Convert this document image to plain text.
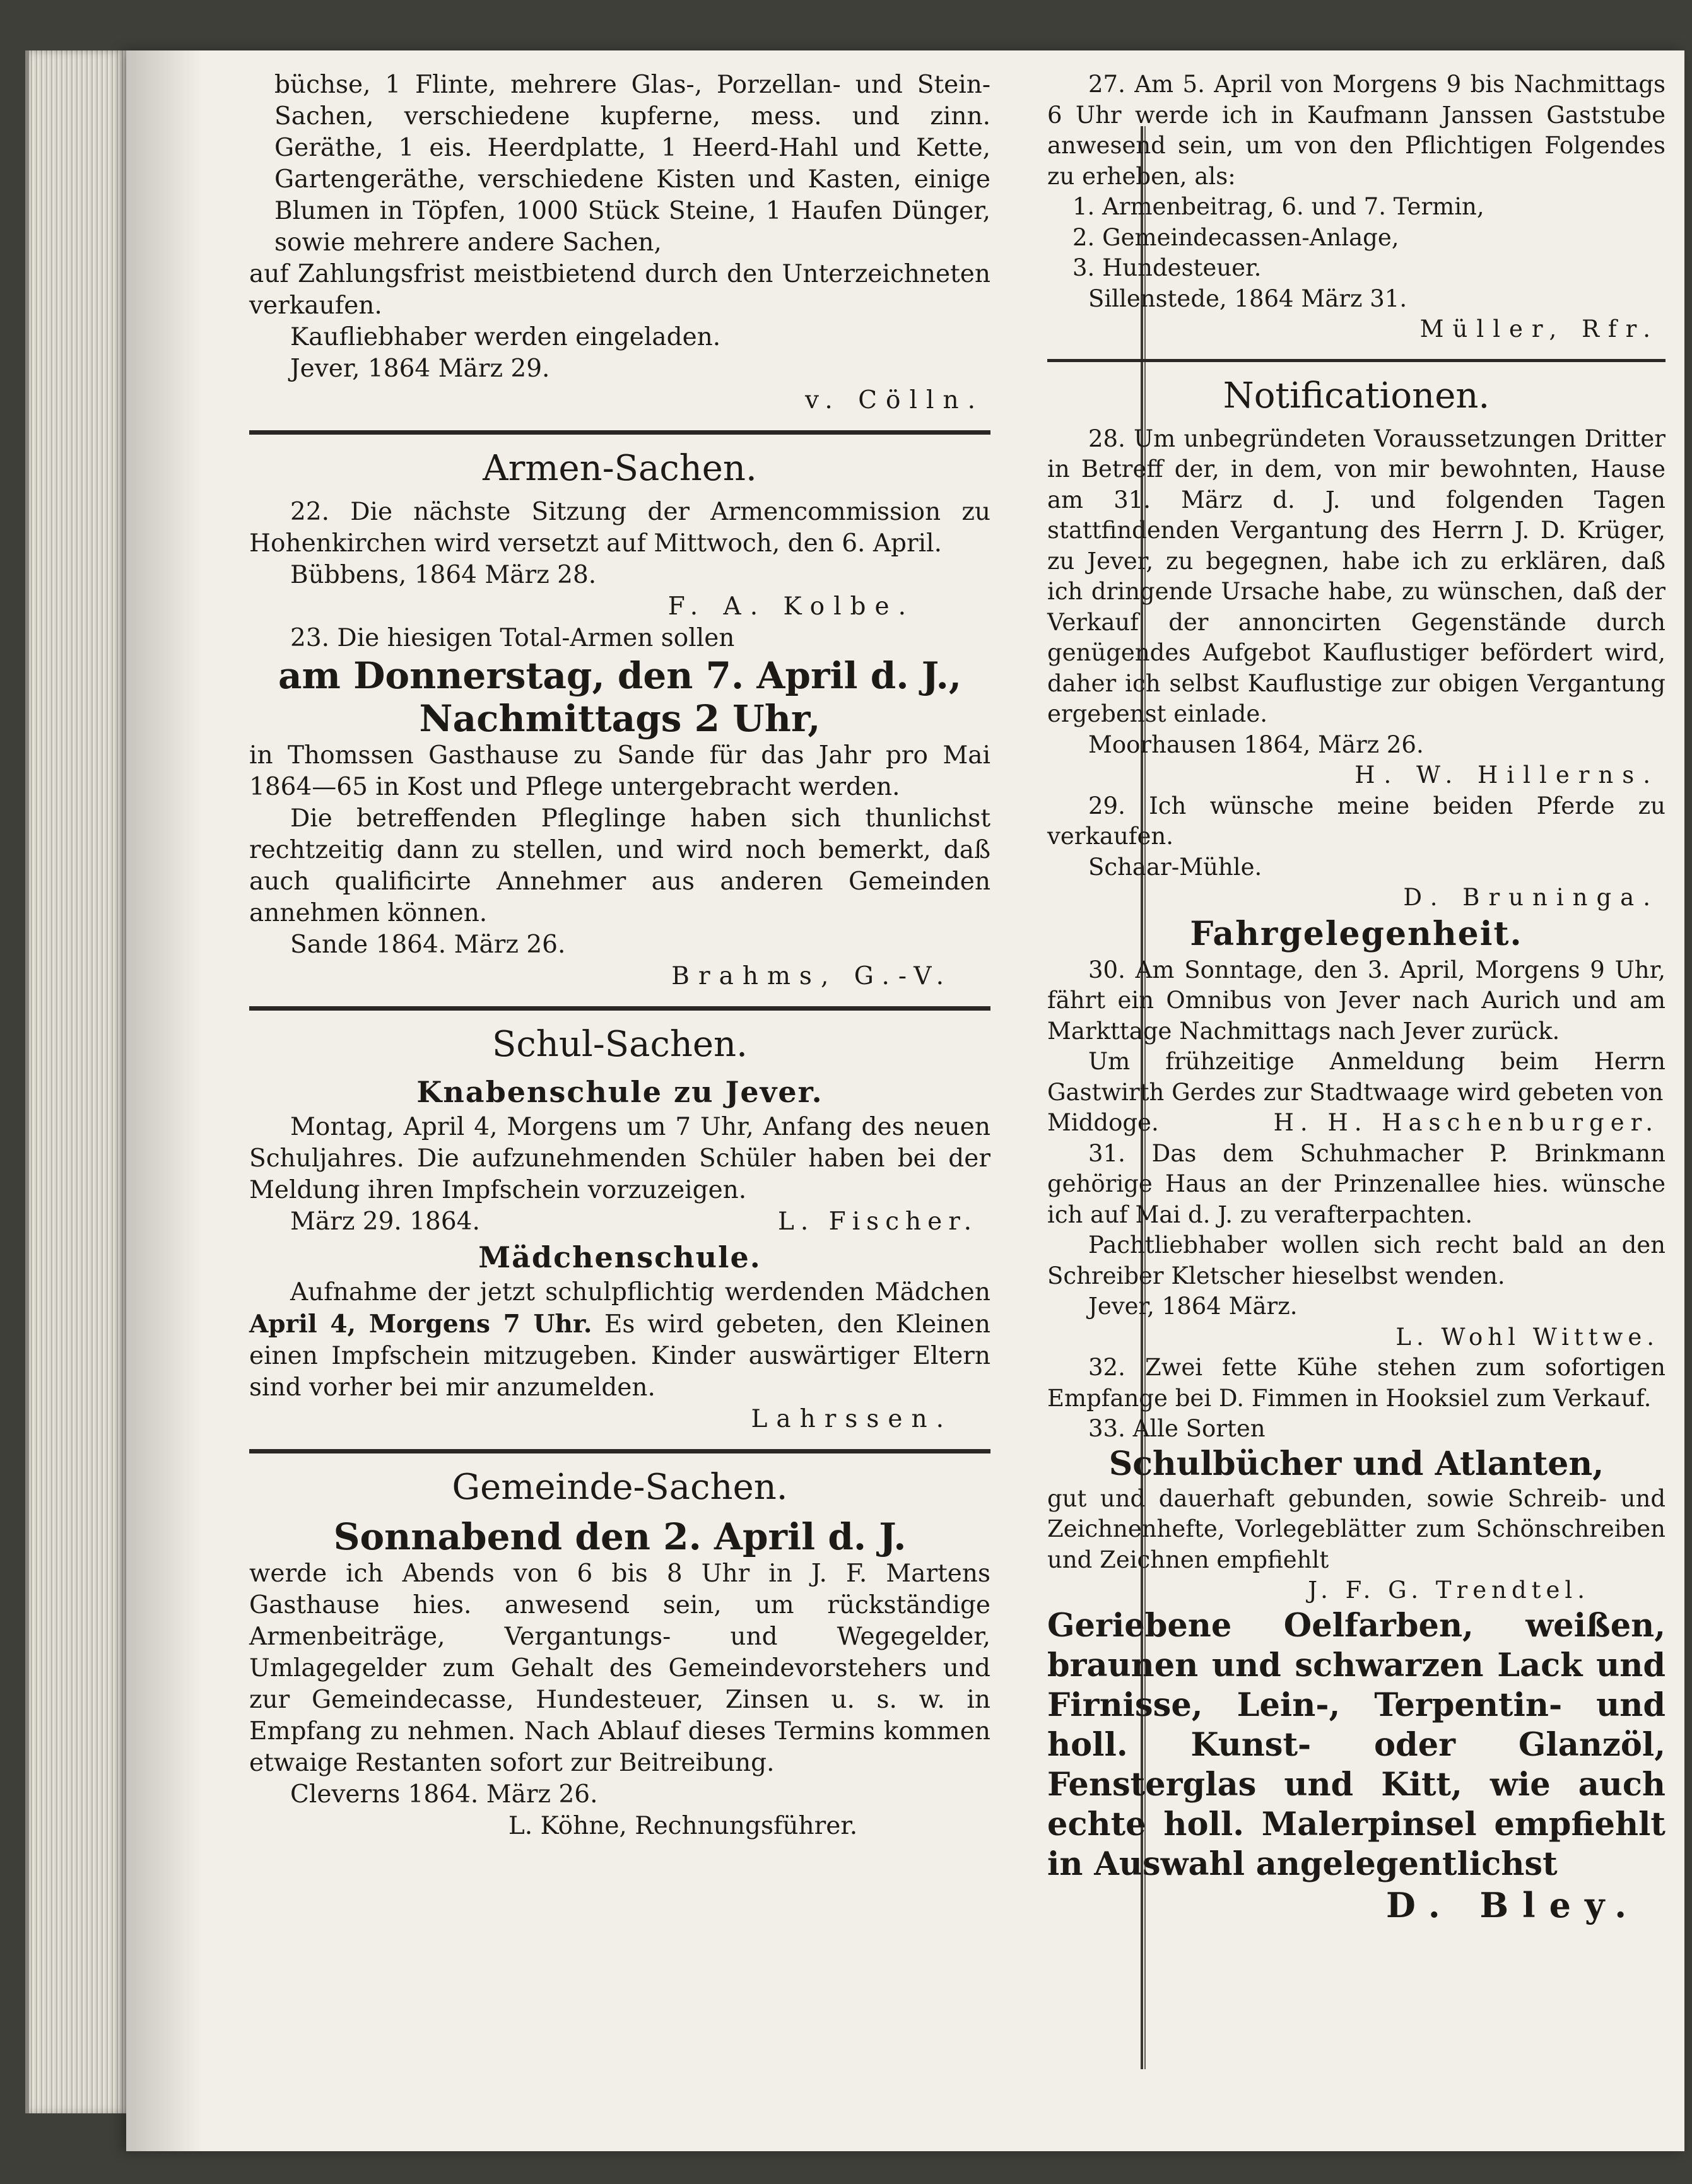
büchse, 1 Flinte, mehrere Glas-, Porzellan- und Stein-Sachen, verschiedene kupferne, mess. und zinn. Geräthe, 1 eis. Heerdplatte, 1 Heerd-Hahl und Kette, Gartengeräthe, verschiedene Kisten und Kasten, einige Blumen in Töpfen, 1000 Stück Steine, 1 Haufen Dünger, sowie mehrere andere Sachen,

auf Zahlungsfrist meistbietend durch den Unterzeichneten verkaufen.

Kaufliebhaber werden eingeladen.

Jever, 1864 März 29.

v. Cölln.

Armen-Sachen.

22. Die nächste Sitzung der Armencommission zu Hohenkirchen wird versetzt auf Mittwoch, den 6. April.

Bübbens, 1864 März 28.

F. A. Kolbe.

23. Die hiesigen Total-Armen sollen

am Donnerstag, den 7. April d. J.,
Nachmittags 2 Uhr,

in Thomssen Gasthause zu Sande für das Jahr pro Mai 1864—65 in Kost und Pflege untergebracht werden.

Die betreffenden Pfleglinge haben sich thunlichst rechtzeitig dann zu stellen, und wird noch bemerkt, daß auch qualificirte Annehmer aus anderen Gemeinden annehmen können.

Sande 1864. März 26.

Brahms, G.-V.

Schul-Sachen.
Knabenschule zu Jever.

Montag, April 4, Morgens um 7 Uhr, Anfang des neuen Schuljahres. Die aufzunehmenden Schüler haben bei der Meldung ihren Impfschein vorzuzeigen.

März 29. 1864.	L. Fischer.

Mädchenschule.

Aufnahme der jetzt schulpflichtig werdenden Mädchen April 4, Morgens 7 Uhr. Es wird gebeten, den Kleinen einen Impfschein mitzugeben. Kinder auswärtiger Eltern sind vorher bei mir anzumelden.

Lahrssen.

Gemeinde-Sachen.
Sonnabend den 2. April d. J.

werde ich Abends von 6 bis 8 Uhr in J. F. Martens Gasthause hies. anwesend sein, um rückständige Armenbeiträge, Vergantungs- und Wegegelder, Umlagegelder zum Gehalt des Gemeindevorstehers und zur Gemeindecasse, Hundesteuer, Zinsen u. s. w. in Empfang zu nehmen. Nach Ablauf dieses Termins kommen etwaige Restanten sofort zur Beitreibung.

Cleverns 1864. März 26.

L. Köhne, Rechnungsführer.

27. Am 5. April von Morgens 9 bis Nachmittags 6 Uhr werde ich in Kaufmann Janssen Gaststube anwesend sein, um von den Pflichtigen Folgendes zu erheben, als:

1. Armenbeitrag, 6. und 7. Termin,

2. Gemeindecassen-Anlage,

3. Hundesteuer.

Sillenstede, 1864 März 31.

Müller, Rfr.

Notificationen.

28. Um unbegründeten Voraussetzungen Dritter in Betreff der, in dem, von mir bewohnten, Hause am 31. März d. J. und folgenden Tagen stattfindenden Vergantung des Herrn J. D. Krüger, zu Jever, zu begegnen, habe ich zu erklären, daß ich dringende Ursache habe, zu wünschen, daß der Verkauf der annoncirten Gegenstände durch genügendes Aufgebot Kauflustiger befördert wird, daher ich selbst Kauflustige zur obigen Vergantung ergebenst einlade.

Moorhausen 1864, März 26.

H. W. Hillerns.

29. Ich wünsche meine beiden Pferde zu verkaufen.

Schaar-Mühle.

D. Bruninga.

Fahrgelegenheit.

30. Am Sonntage, den 3. April, Morgens 9 Uhr, fährt ein Omnibus von Jever nach Aurich und am Markttage Nachmittags nach Jever zurück.

Um frühzeitige Anmeldung beim Herrn Gastwirth Gerdes zur Stadtwaage wird gebeten von

Middoge.	H. H. Haschenburger.

31. Das dem Schuhmacher P. Brinkmann gehörige Haus an der Prinzenallee hies. wünsche ich auf Mai d. J. zu verafterpachten.

Pachtliebhaber wollen sich recht bald an den Schreiber Kletscher hieselbst wenden.

Jever, 1864 März.

L. Wohl Wittwe.

32. Zwei fette Kühe stehen zum sofortigen Empfange bei D. Fimmen in Hooksiel zum Verkauf.

33. Alle Sorten

Schulbücher und Atlanten,

gut und dauerhaft gebunden, sowie Schreib- und Zeichnenhefte, Vorlegeblätter zum Schönschreiben und Zeichnen empfiehlt

J. F. G. Trendtel.

Geriebene Oelfarben, weißen, braunen und schwarzen Lack und Firnisse, Lein-, Terpentin- und holl. Kunst- oder Glanzöl, Fensterglas und Kitt, wie auch echte holl. Malerpinsel empfiehlt in Auswahl angelegentlichst

D. Bley.
